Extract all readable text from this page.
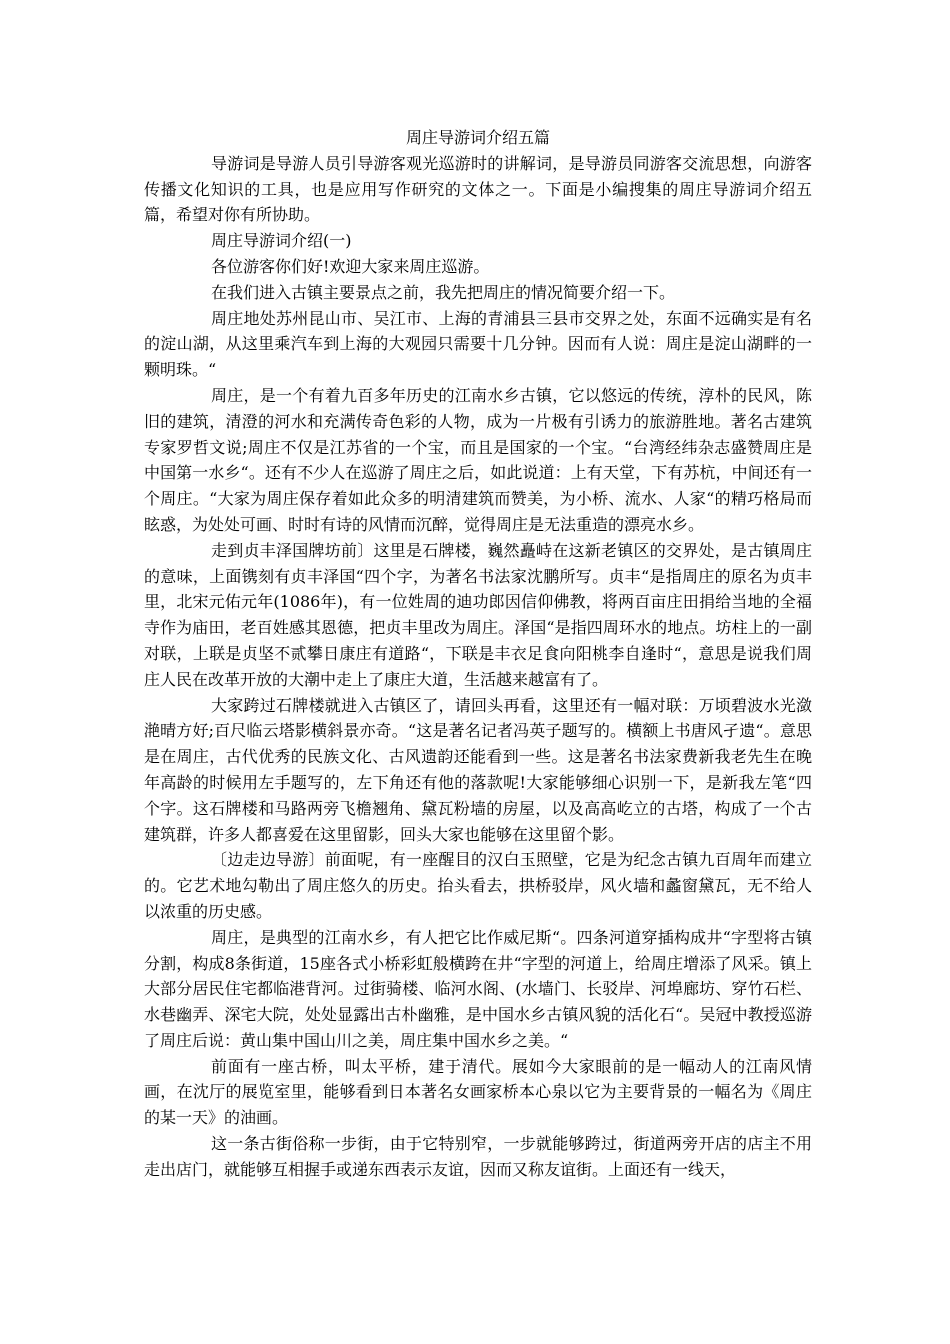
周庄导游词介绍五篇

导游词是导游人员引导游客观光巡游时的讲解词，是导游员同游客交流思想，向游客传播文化知识的工具，也是应用写作研究的文体之一。下面是小编搜集的周庄导游词介绍五篇，希望对你有所协助。

周庄导游词介绍(一)

各位游客你们好!欢迎大家来周庄巡游。

在我们进入古镇主要景点之前，我先把周庄的情况简要介绍一下。

周庄地处苏州昆山市、吴江市、上海的青浦县三县市交界之处，东面不远确实是有名的淀山湖，从这里乘汽车到上海的大观园只需要十几分钟。因而有人说：周庄是淀山湖畔的一颗明珠。“

周庄，是一个有着九百多年历史的江南水乡古镇，它以悠远的传统，淳朴的民风，陈旧的建筑，清澄的河水和充满传奇色彩的人物，成为一片极有引诱力的旅游胜地。著名古建筑专家罗哲文说;周庄不仅是江苏省的一个宝，而且是国家的一个宝。“台湾经纬杂志盛赞周庄是中国第一水乡“。还有不少人在巡游了周庄之后，如此说道：上有天堂，下有苏杭，中间还有一个周庄。“大家为周庄保存着如此众多的明清建筑而赞美，为小桥、流水、人家“的精巧格局而眩惑，为处处可画、时时有诗的风情而沉醉，觉得周庄是无法重造的漂亮水乡。

走到贞丰泽国牌坊前〕这里是石牌楼，巍然矗峙在这新老镇区的交界处，是古镇周庄的意味，上面镌刻有贞丰泽国“四个字，为著名书法家沈鹏所写。贞丰“是指周庄的原名为贞丰里，北宋元佑元年(1086年)，有一位姓周的迪功郎因信仰佛教，将两百亩庄田捐给当地的全福寺作为庙田，老百姓感其恩德，把贞丰里改为周庄。泽国“是指四周环水的地点。坊柱上的一副对联，上联是贞坚不贰攀日康庄有道路“，下联是丰衣足食向阳桃李自逢时“，意思是说我们周庄人民在改革开放的大潮中走上了康庄大道，生活越来越富有了。

大家跨过石牌楼就进入古镇区了，请回头再看，这里还有一幅对联：万顷碧波水光潋滟晴方好;百尺临云塔影横斜景亦奇。“这是著名记者冯英子题写的。横额上书唐风孑遗“。意思是在周庄，古代优秀的民族文化、古风遗韵还能看到一些。这是著名书法家费新我老先生在晚年高龄的时候用左手题写的，左下角还有他的落款呢!大家能够细心识别一下，是新我左笔“四个字。这石牌楼和马路两旁飞檐翘角、黛瓦粉墙的房屋，以及高高屹立的古塔，构成了一个古建筑群，许多人都喜爱在这里留影，回头大家也能够在这里留个影。

〔边走边导游〕前面呢，有一座醒目的汉白玉照壁，它是为纪念古镇九百周年而建立的。它艺术地勾勒出了周庄悠久的历史。抬头看去，拱桥驳岸，风火墙和蠡窗黛瓦，无不给人以浓重的历史感。

周庄，是典型的江南水乡，有人把它比作威尼斯“。四条河道穿插构成井“字型将古镇分割，构成8条街道，15座各式小桥彩虹般横跨在井“字型的河道上，给周庄增添了风采。镇上大部分居民住宅都临港背河。过街骑楼、临河水阁、(水墙门、长驳岸、河埠廊坊、穿竹石栏、水巷幽弄、深宅大院，处处显露出古朴幽雅，是中国水乡古镇风貌的活化石“。吴冠中教授巡游了周庄后说：黄山集中国山川之美，周庄集中国水乡之美。“

前面有一座古桥，叫太平桥，建于清代。展如今大家眼前的是一幅动人的江南风情画，在沈厅的展览室里，能够看到日本著名女画家桥本心泉以它为主要背景的一幅名为《周庄的某一天》的油画。

这一条古街俗称一步街，由于它特别窄，一步就能够跨过，街道两旁开店的店主不用走出店门，就能够互相握手或递东西表示友谊，因而又称友谊街。上面还有一线天，
